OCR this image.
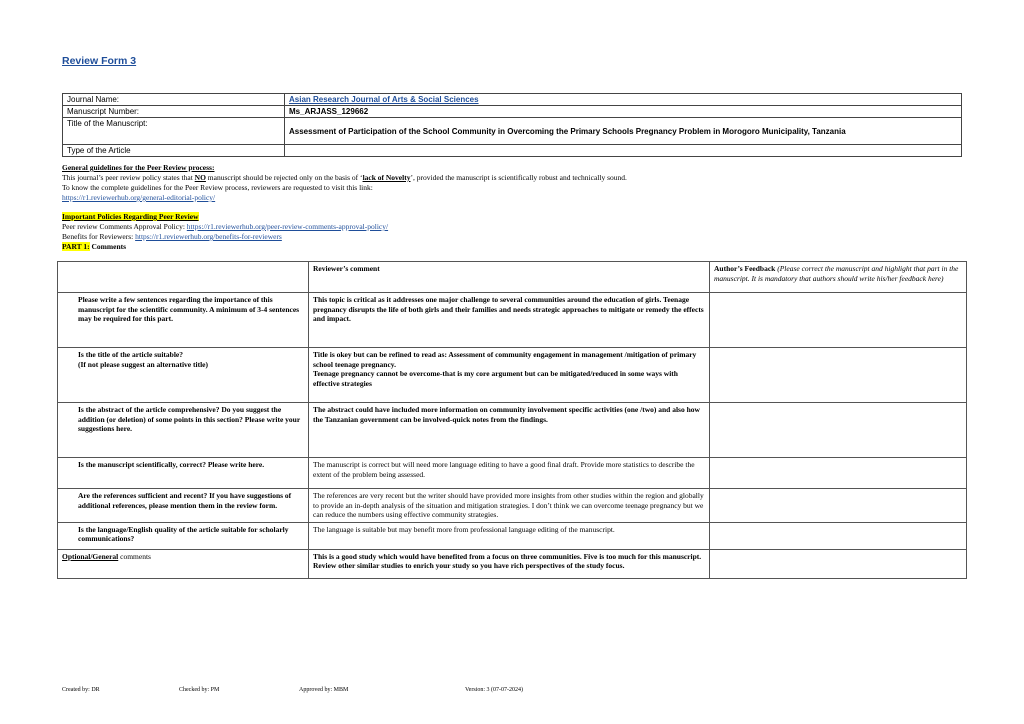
Review Form 3
Journal Name:	Asian Research Journal of Arts & Social Sciences
Manuscript Number:	Ms_ARJASS_129662
Title of the Manuscript:	Assessment of Participation of the School Community in Overcoming the Primary Schools Pregnancy Problem in Morogoro Municipality, Tanzania
Type of the Article	

General guidelines for the Peer Review process:

This journal’s peer review policy states that NO manuscript should be rejected only on the basis of ‘lack of Novelty’, provided the manuscript is scientifically robust and technically sound.

To know the complete guidelines for the Peer Review process, reviewers are requested to visit this link:

https://r1.reviewerhub.org/general-editorial-policy/

Important Policies Regarding Peer Review

Peer review Comments Approval Policy: https://r1.reviewerhub.org/peer-review-comments-approval-policy/

Benefits for Reviewers: https://r1.reviewerhub.org/benefits-for-reviewers

PART 1: Comments

	Reviewer’s comment	Author’s Feedback (Please correct the manuscript and highlight that part in the manuscript. It is mandatory that authors should write his/her feedback here)
Please write a few sentences regarding the importance of this manuscript for the scientific community. A minimum of 3-4 sentences may be required for this part.	This topic is critical as it addresses one major challenge to several communities around the education of girls. Teenage pregnancy disrupts the life of both girls and their families and needs strategic approaches to mitigate or remedy the effects and impact.	
Is the title of the article suitable?
(If not please suggest an alternative title)	Title is okey but can be refined to read as: Assessment of community engagement in management /mitigation of primary school teenage pregnancy.
Teenage pregnancy cannot be overcome-that is my core argument but can be mitigated/reduced in some ways with effective strategies	
Is the abstract of the article comprehensive? Do you suggest the addition (or deletion) of some points in this section? Please write your suggestions here.	The abstract could have included more information on community involvement specific activities (one /two) and also how the Tanzanian government can be involved-quick notes from the findings.	
Is the manuscript scientifically, correct? Please write here.	The manuscript is correct but will need more language editing to have a good final draft. Provide more statistics to describe the extent of the problem being assessed.	
Are the references sufficient and recent? If you have suggestions of additional references, please mention them in the review form.	The references are very recent but the writer should have provided more insights from other studies within the region and globally to provide an in-depth analysis of the situation and mitigation strategies. I don’t think we can overcome teenage pregnancy but we can reduce the numbers using effective community strategies.	
Is the language/English quality of the article suitable for scholarly communications?	The language is suitable but may benefit more from professional language editing of the manuscript.	
Optional/General comments	This is a good study which would have benefited from a focus on three communities. Five is too much for this manuscript. Review other similar studies to enrich your study so you have rich perspectives of the study focus.	
Created by: DR	Checked by: PM	Approved by: MBM	Version: 3 (07-07-2024)
